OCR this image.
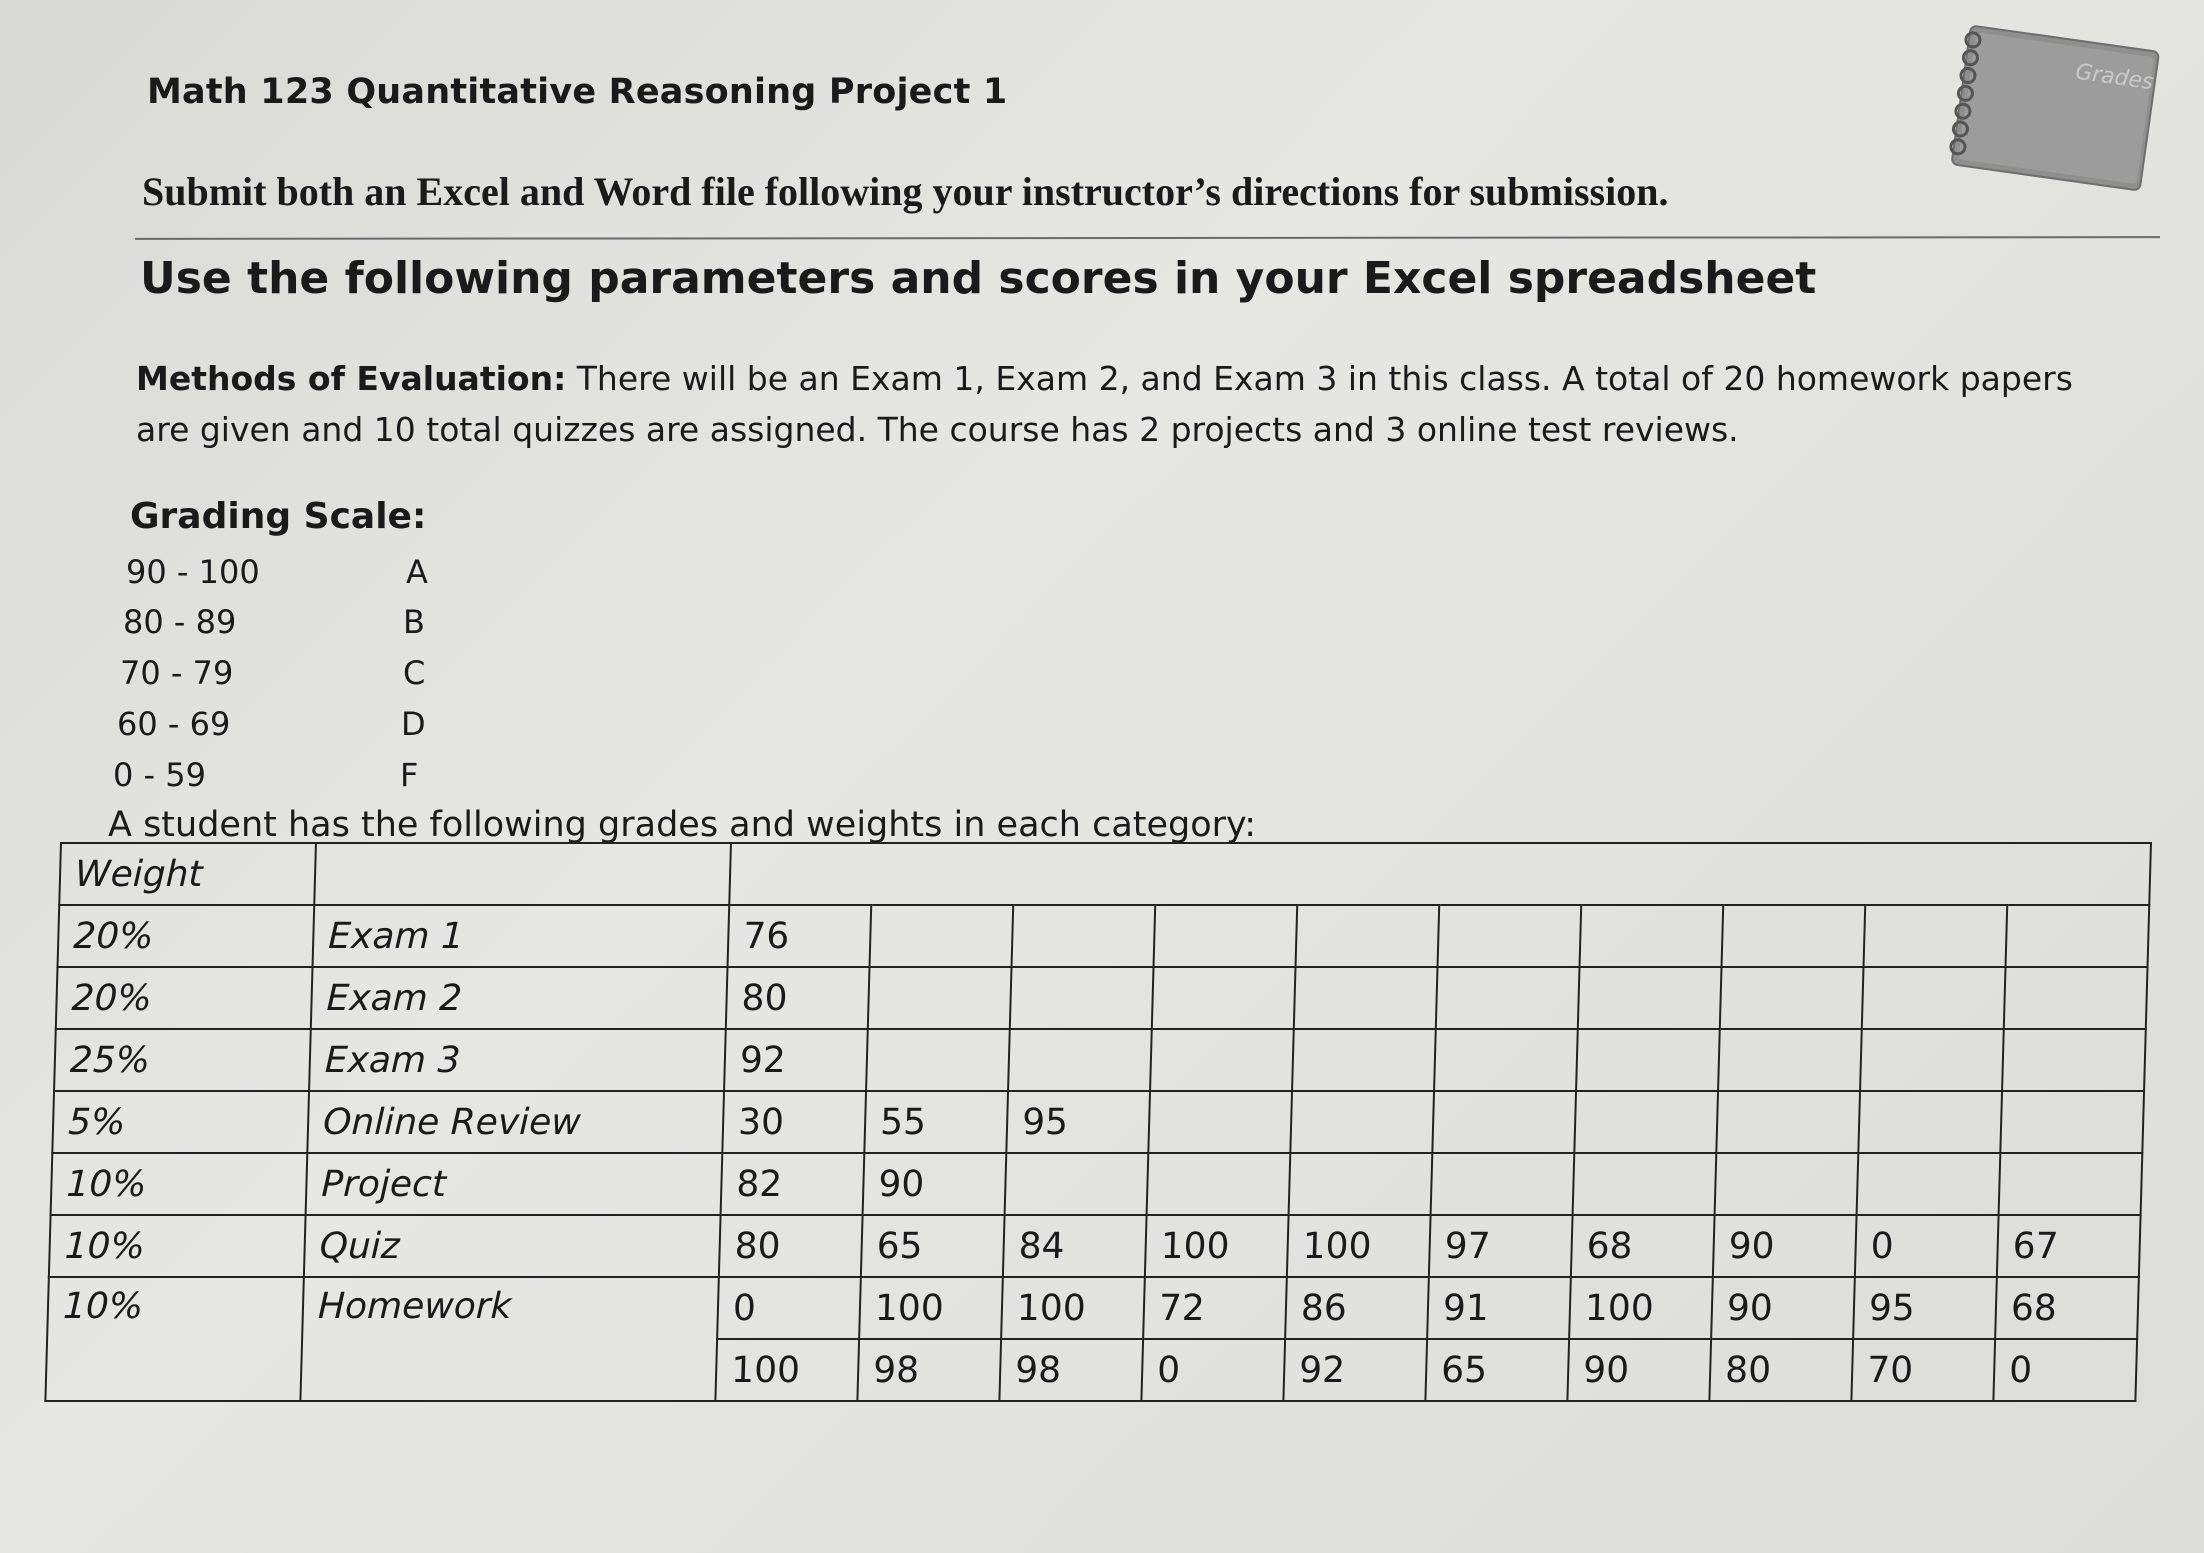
Math 123 Quantitative Reasoning Project 1	Grades
Submit both an Excel and Word file following your instructor’s directions for submission.
Use the following parameters and scores in your Excel spreadsheet
Methods of Evaluation: There will be an Exam 1, Exam 2, and Exam 3 in this class. A total of 20 homework papers are given and 10 total quizzes are assigned. The course has 2 projects and 3 online test reviews.
Grading Scale:
90 - 100	A
80 - 89	B
70 - 79	C
60 - 69	D
0 - 59	F
A student has the following grades and weights in each category:
Weight											
20%	Exam 1	76									
20%	Exam 2	80									
25%	Exam 3	92									
5%	Online Review	30	55	95							
10%	Project	82	90								
10%	Quiz	80	65	84	100	100	97	68	90	0	67
10%	Homework	0	100	100	72	86	91	100	90	95	68
		100	98	98	0	92	65	90	80	70	0
